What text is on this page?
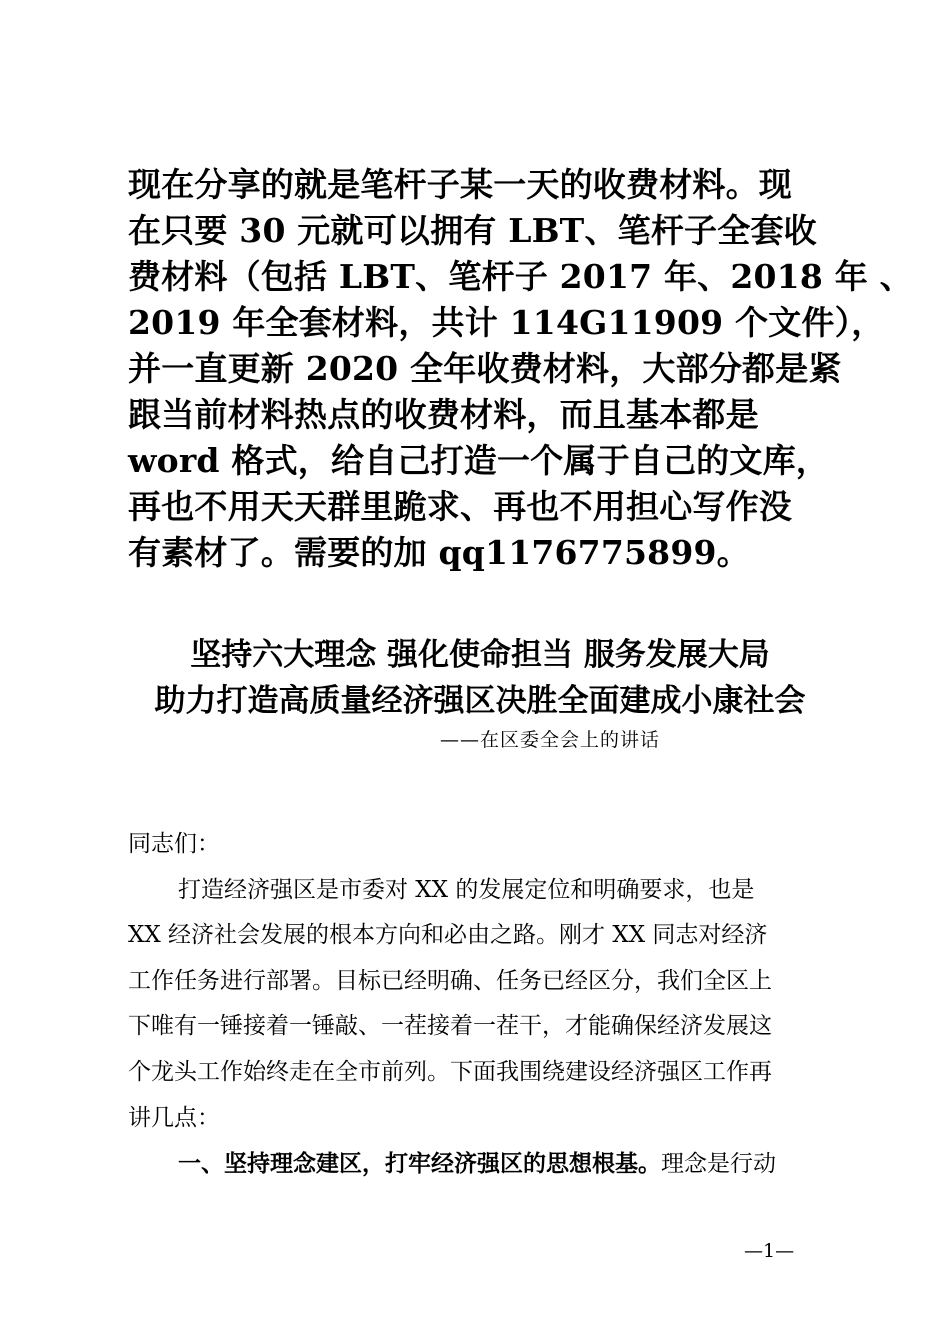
现在分享的就是笔杆子某一天的收费材料。现
在只要 30 元就可以拥有 LBT、笔杆子全套收
费材料（包括 LBT、笔杆子 2017 年、2018 年 、
2019 年全套材料，共计 114G11909 个文件），
并一直更新 2020 全年收费材料，大部分都是紧
跟当前材料热点的收费材料，而且基本都是
word 格式，给自己打造一个属于自己的文库，
再也不用天天群里跪求、再也不用担心写作没
有素材了。需要的加 qq1176775899。
坚持六大理念 强化使命担当 服务发展大局
助力打造高质量经济强区决胜全面建成小康社会
——在区委全会上的讲话
同志们：
打造经济强区是市委对 XX 的发展定位和明确要求，也是
XX 经济社会发展的根本方向和必由之路。刚才 XX 同志对经济
工作任务进行部署。目标已经明确、任务已经区分，我们全区上
下唯有一锤接着一锤敲、一茬接着一茬干，才能确保经济发展这
个龙头工作始终走在全市前列。下面我围绕建设经济强区工作再
讲几点：
一、坚持理念建区，打牢经济强区的思想根基。理念是行动
—1—
